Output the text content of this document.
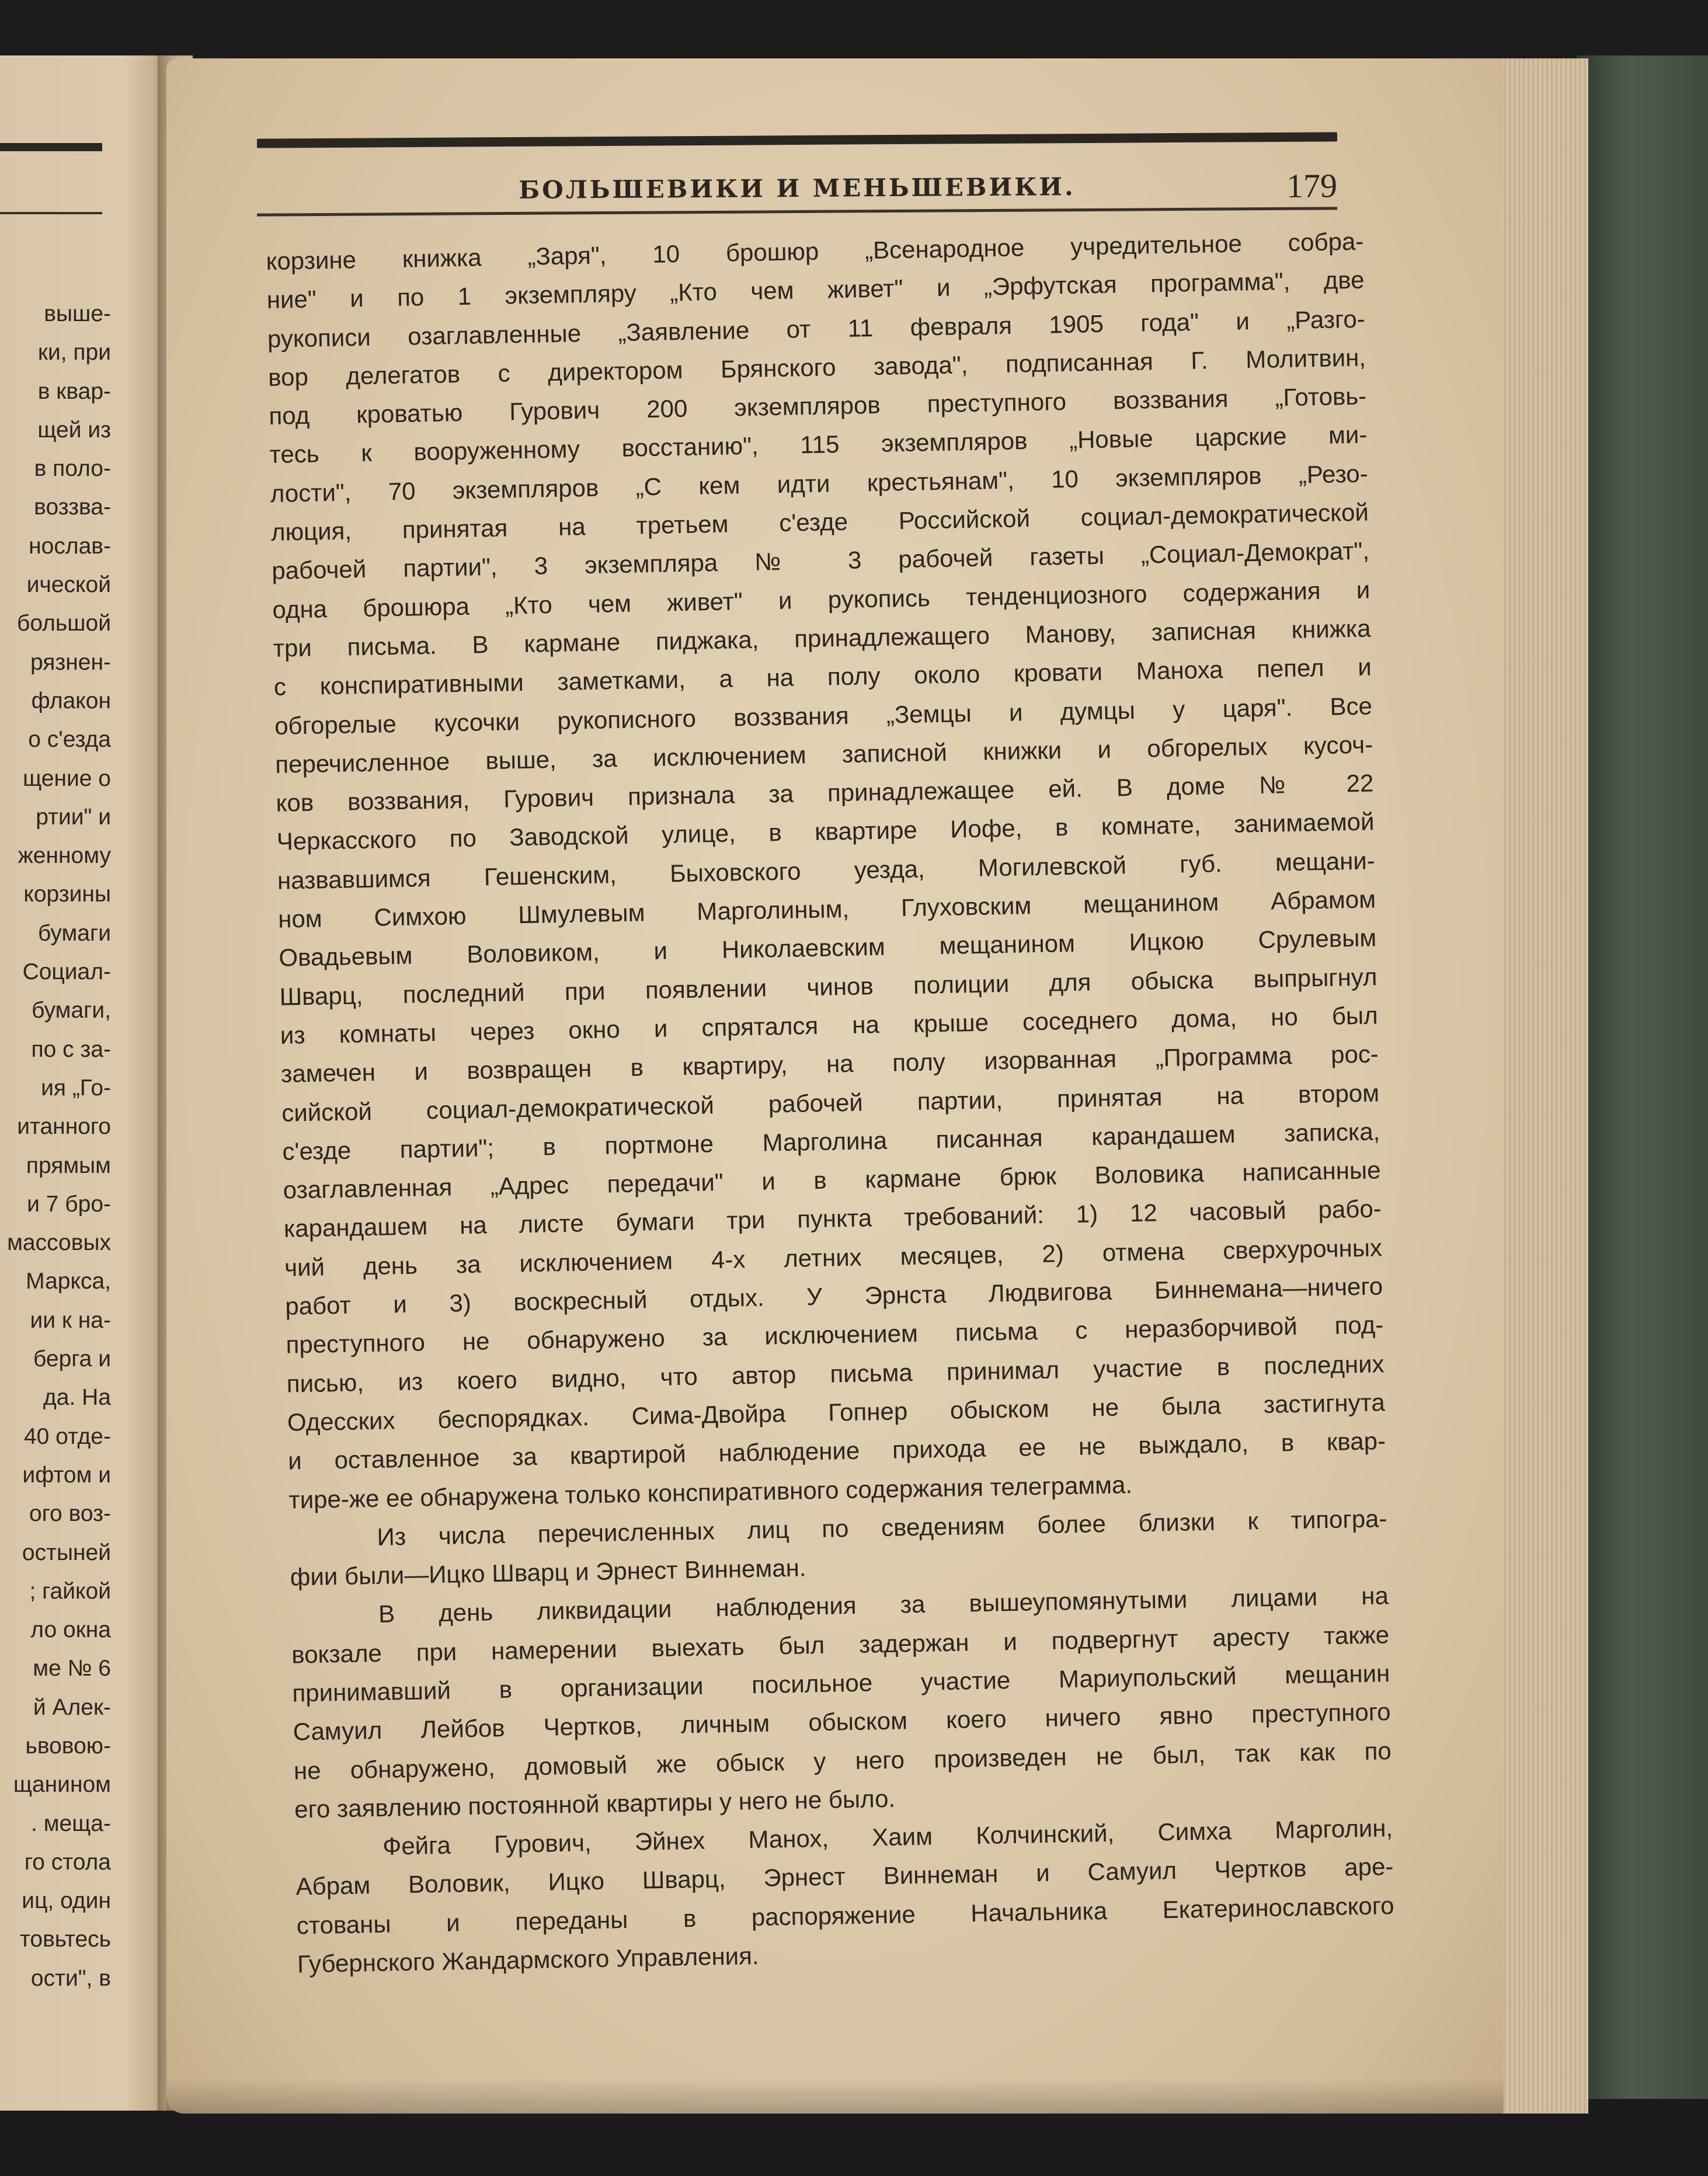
выше-
ки, при
в квар-
щей из
в поло-
воззва-
нослав-
ической
большой
рязнен-
флакон
о с'езда
щение о
ртии" и
женному
корзины
бумаги
Социал-
бумаги,
по с за-
ия „Го-
итанного
прямым
и 7 бро-
массовых
Маркса,
ии к на-
берга и
да. На
40 отде-
ифтом и
ого воз-
остыней
; гайкой
ло окна
ме № 6
й Алек-
ьвовою-
щанином
. меща-
го стола
иц, один
товьтесь
ости", в
БОЛЬШЕВИКИ И МЕНЬШЕВИКИ.	179
корзине книжка „Заря", 10 брошюр „Всенародное учредительное собра-
ние" и по 1 экземпляру „Кто чем живет" и „Эрфутская программа", две
рукописи озаглавленные „Заявление от 11 февраля 1905 года" и „Разго-
вор делегатов с директором Брянского завода", подписанная Г. Молитвин,
под кроватью Гурович 200 экземпляров преступного воззвания „Готовь-
тесь к вооруженному восстанию", 115 экземпляров „Новые царские ми-
лости", 70 экземпляров „С кем идти крестьянам", 10 экземпляров „Резо-
люция, принятая на третьем с'езде Российской социал-демократической
рабочей партии", 3 экземпляра № 3 рабочей газеты „Социал-Демократ",
одна брошюра „Кто чем живет" и рукопись тенденциозного содержания и
три письма. В кармане пиджака, принадлежащего Манову, записная книжка
с конспиративными заметками, а на полу около кровати Маноха пепел и
обгорелые кусочки рукописного воззвания „Земцы и думцы у царя". Все
перечисленное выше, за исключением записной книжки и обгорелых кусоч-
ков воззвания, Гурович признала за принадлежащее ей. В доме № 22
Черкасского по Заводской улице, в квартире Иофе, в комнате, занимаемой
назвавшимся Гешенским, Быховского уезда, Могилевской губ. мещани-
ном Симхою Шмулевым Марголиным, Глуховским мещанином Абрамом
Овадьевым Воловиком, и Николаевским мещанином Ицкою Срулевым
Шварц, последний при появлении чинов полиции для обыска выпрыгнул
из комнаты через окно и спрятался на крыше соседнего дома, но был
замечен и возвращен в квартиру, на полу изорванная „Программа рос-
сийской социал-демократической рабочей партии, принятая на втором
с'езде партии"; в портмоне Марголина писанная карандашем записка,
озаглавленная „Адрес передачи" и в кармане брюк Воловика написанные
карандашем на листе бумаги три пункта требований: 1) 12 часовый рабо-
чий день за исключением 4-х летних месяцев, 2) отмена сверхурочных
работ и 3) воскресный отдых. У Эрнста Людвигова Биннемана—ничего
преступного не обнаружено за исключением письма с неразборчивой под-
писью, из коего видно, что автор письма принимал участие в последних
Одесских беспорядках. Сима-Двойра Гопнер обыском не была застигнута
и оставленное за квартирой наблюдение прихода ее не выждало, в квар-
тире-же ее обнаружена только конспиративного содержания телеграмма.
Из числа перечисленных лиц по сведениям более близки к типогра-
фии были—Ицко Шварц и Эрнест Виннеман.
В день ликвидации наблюдения за вышеупомянутыми лицами на
вокзале при намерении выехать был задержан и подвергнут аресту также
принимавший в организации посильное участие Мариупольский мещанин
Самуил Лейбов Чертков, личным обыском коего ничего явно преступного
не обнаружено, домовый же обыск у него произведен не был, так как по
его заявлению постоянной квартиры у него не было.
Фейга Гурович, Эйнех Манох, Хаим Колчинский, Симха Марголин,
Абрам Воловик, Ицко Шварц, Эрнест Виннеман и Самуил Чертков аре-
стованы и переданы в распоряжение Начальника Екатеринославского
Губернского Жандармского Управления.
